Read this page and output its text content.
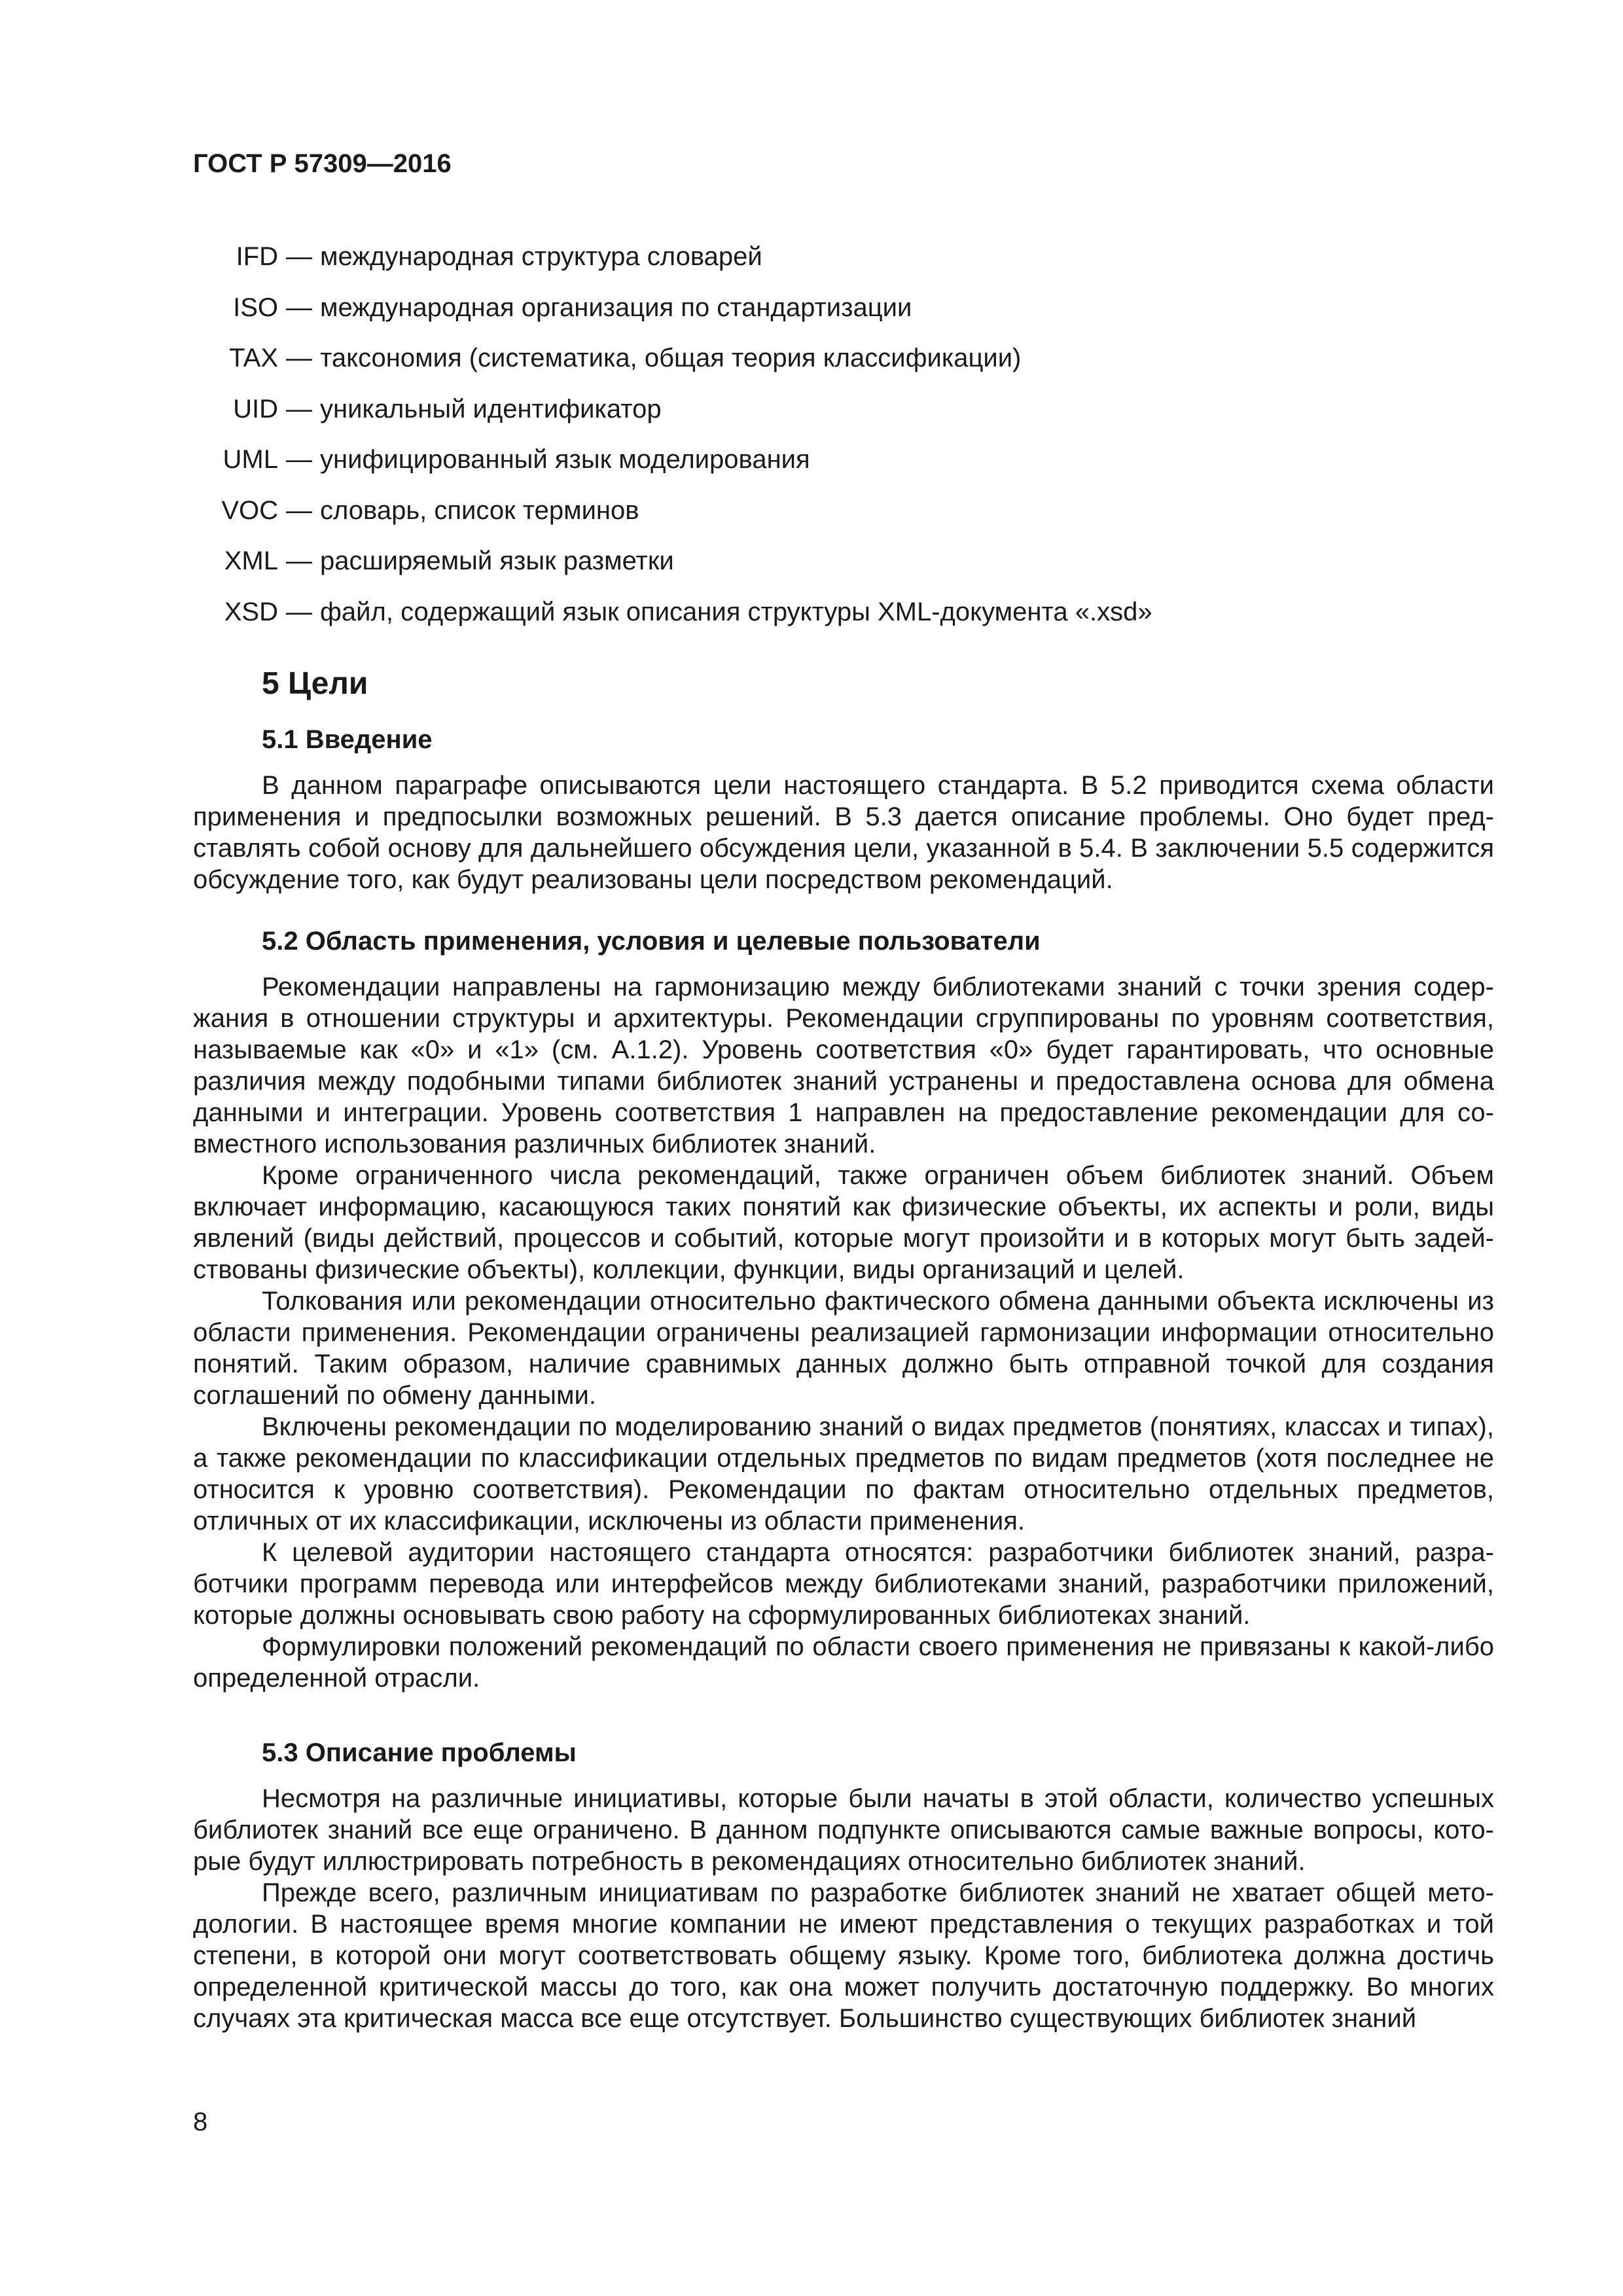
ГОСТ Р 57309—2016
IFD — международная структура словарей
ISO — международная организация по стандартизации
TAX — таксономия (систематика, общая теория классификации)
UID — уникальный идентификатор
UML — унифицированный язык моделирования
VOC — словарь, список терминов
XML — расширяемый язык разметки
XSD — файл, содержащий язык описания структуры XML-документа «.xsd»
5 Цели
5.1 Введение
В данном параграфе описываются цели настоящего стандарта. В 5.2 приводится схема области применения и предпосылки возможных решений. В 5.3 дается описание проблемы. Оно будет представлять собой основу для дальнейшего обсуждения цели, указанной в 5.4. В заключении 5.5 содержится обсуждение того, как будут реализованы цели посредством рекомендаций.
5.2 Область применения, условия и целевые пользователи
Рекомендации направлены на гармонизацию между библиотеками знаний с точки зрения содержания в отношении структуры и архитектуры. Рекомендации сгруппированы по уровням соответствия, называемые как «0» и «1» (см. А.1.2). Уровень соответствия «0» будет гарантировать, что основные различия между подобными типами библиотек знаний устранены и предоставлена основа для обмена данными и интеграции. Уровень соответствия 1 направлен на предоставление рекомендации для совместного использования различных библиотек знаний.
Кроме ограниченного числа рекомендаций, также ограничен объем библиотек знаний. Объем включает информацию, касающуюся таких понятий как физические объекты, их аспекты и роли, виды явлений (виды действий, процессов и событий, которые могут произойти и в которых могут быть задействованы физические объекты), коллекции, функции, виды организаций и целей.
Толкования или рекомендации относительно фактического обмена данными объекта исключены из области применения. Рекомендации ограничены реализацией гармонизации информации относительно понятий. Таким образом, наличие сравнимых данных должно быть отправной точкой для создания соглашений по обмену данными.
Включены рекомендации по моделированию знаний о видах предметов (понятиях, классах и типах), а также рекомендации по классификации отдельных предметов по видам предметов (хотя последнее не относится к уровню соответствия). Рекомендации по фактам относительно отдельных предметов, отличных от их классификации, исключены из области применения.
К целевой аудитории настоящего стандарта относятся: разработчики библиотек знаний, разработчики программ перевода или интерфейсов между библиотеками знаний, разработчики приложений, которые должны основывать свою работу на сформулированных библиотеках знаний.
Формулировки положений рекомендаций по области своего применения не привязаны к какой-либо определенной отрасли.
5.3 Описание проблемы
Несмотря на различные инициативы, которые были начаты в этой области, количество успешных библиотек знаний все еще ограничено. В данном подпункте описываются самые важные вопросы, которые будут иллюстрировать потребность в рекомендациях относительно библиотек знаний.
Прежде всего, различным инициативам по разработке библиотек знаний не хватает общей методологии. В настоящее время многие компании не имеют представления о текущих разработках и той степени, в которой они могут соответствовать общему языку. Кроме того, библиотека должна достичь определенной критической массы до того, как она может получить достаточную поддержку. Во многих случаях эта критическая масса все еще отсутствует. Большинство существующих библиотек знаний
8
